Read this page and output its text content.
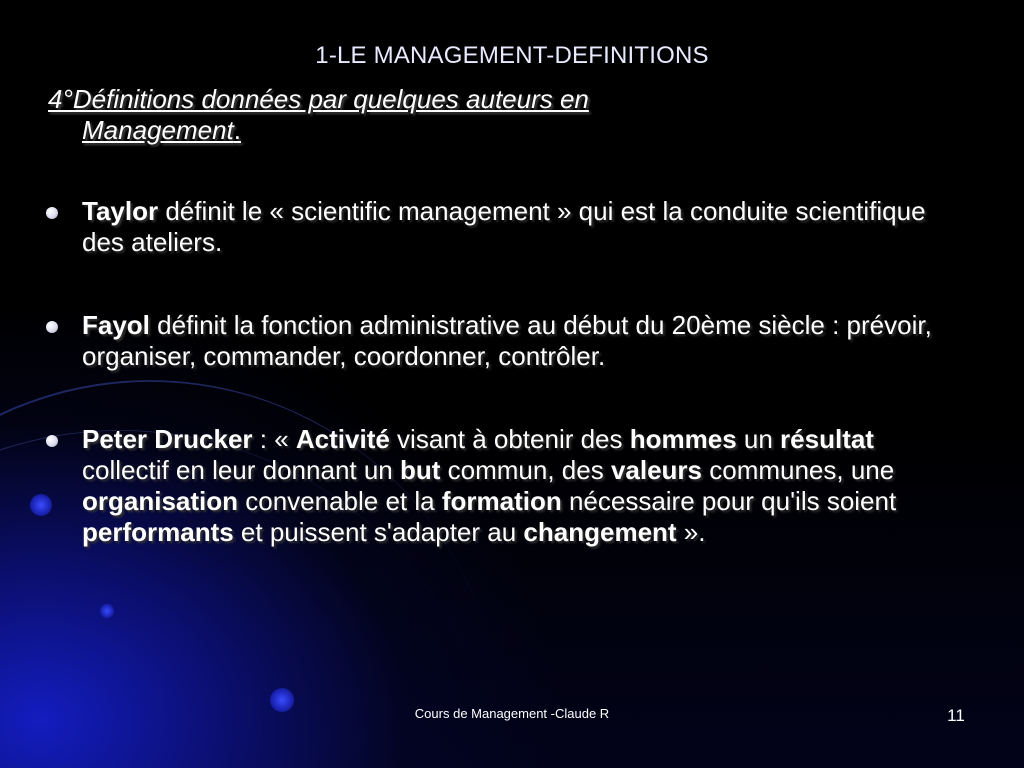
1-LE MANAGEMENT-DEFINITIONS
4°Définitions données par quelques auteurs en
Management.
Taylor définit le « scientific management » qui est la conduite scientifique des ateliers.
Fayol définit la fonction administrative au début du 20ème siècle : prévoir, organiser, commander, coordonner, contrôler.
Peter Drucker : « Activité visant à obtenir des hommes un résultat collectif en leur donnant un but commun, des valeurs communes, une organisation convenable et la formation nécessaire pour qu'ils soient performants et puissent s'adapter au changement ».
Cours de Management -Claude R	11
